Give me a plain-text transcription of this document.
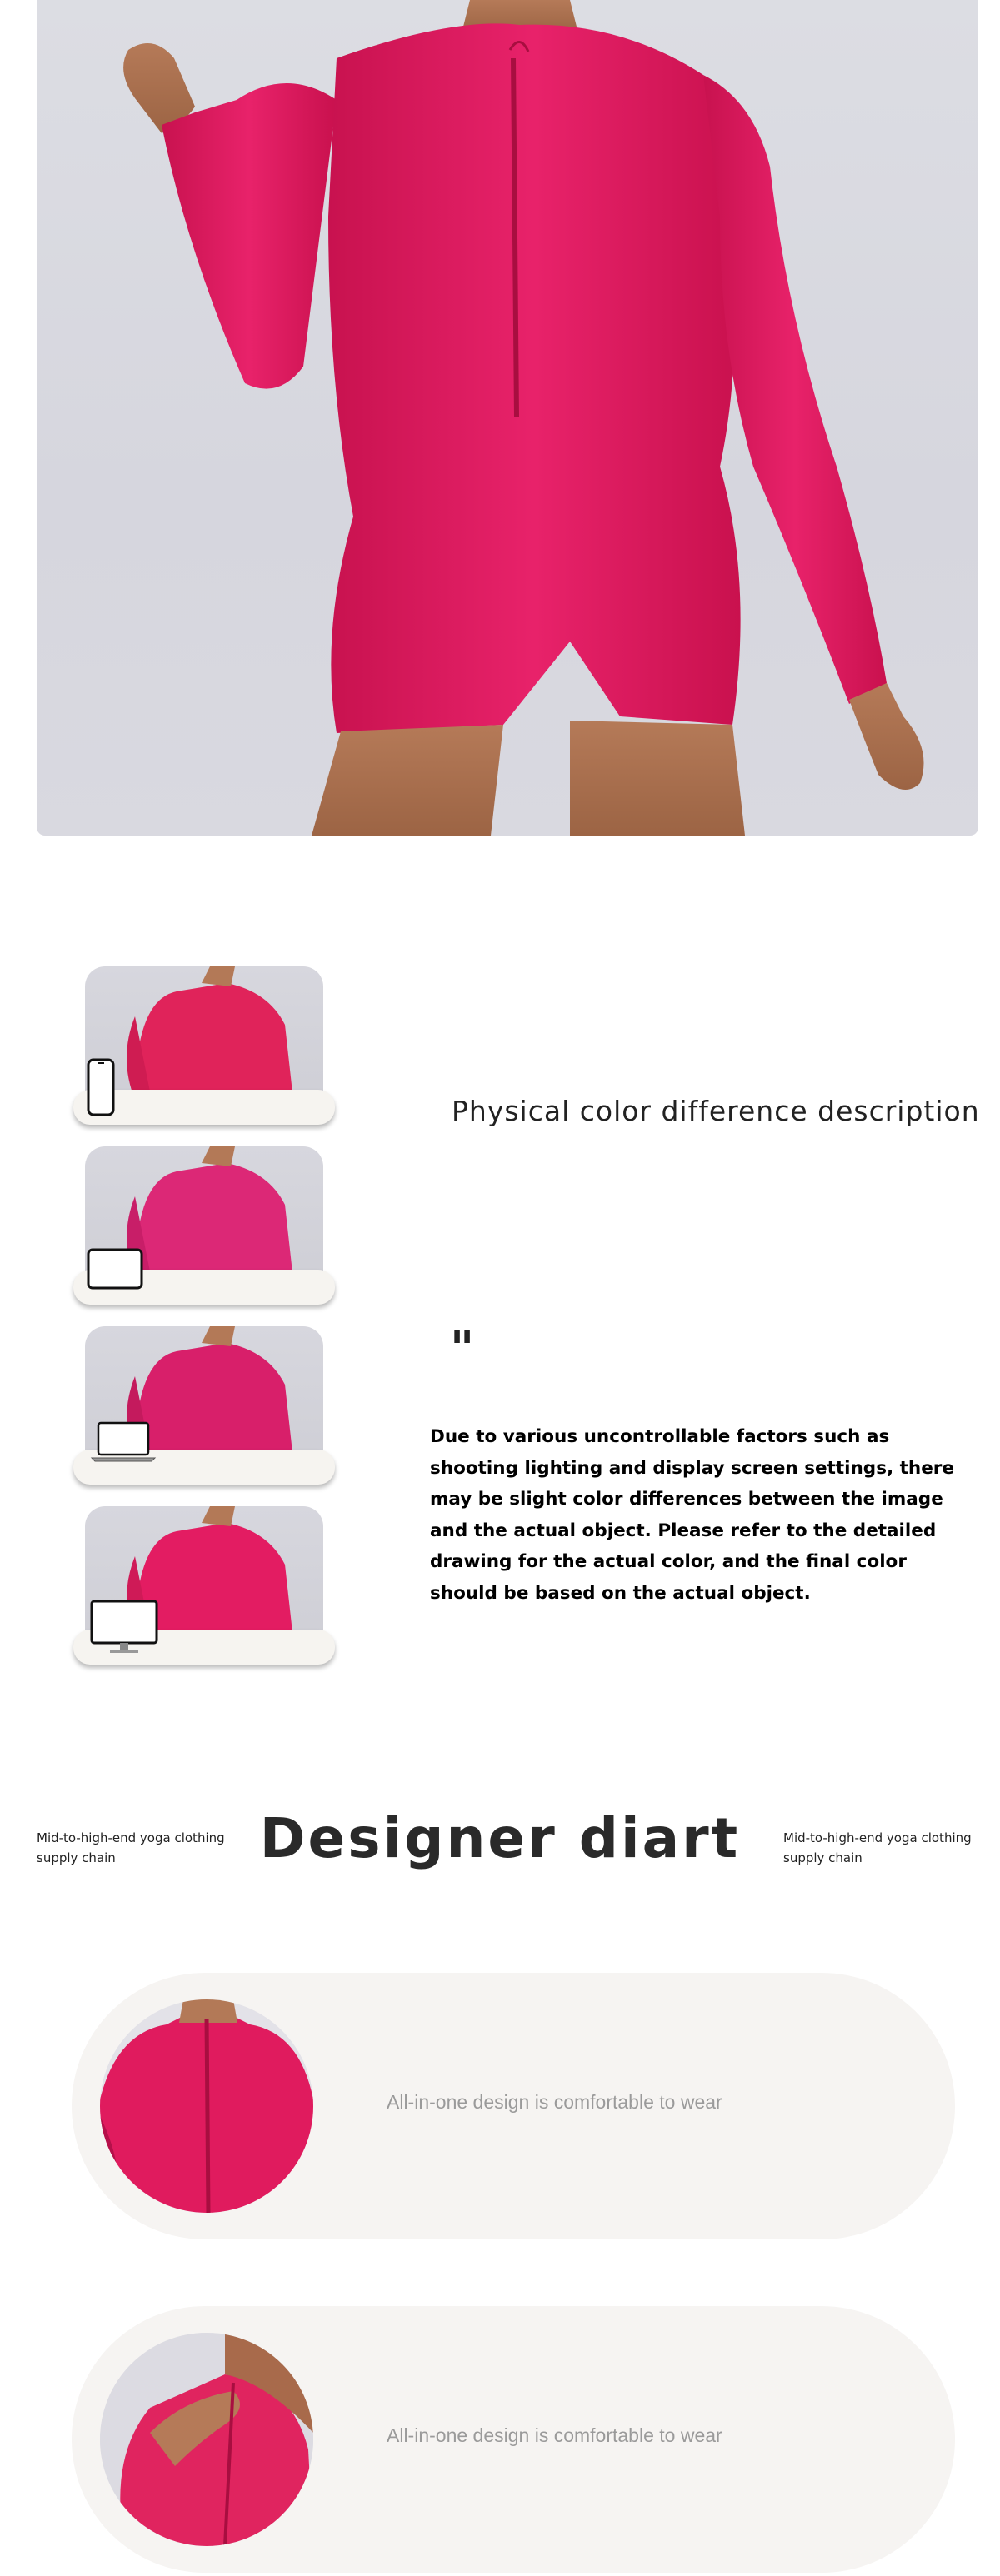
Physical color difference description
"

Due to various uncontrollable factors such as shooting lighting and display screen settings, there may be slight color differences between the image and the actual object. Please refer to the detailed drawing for the actual color, and the final color should be based on the actual object.

Mid-to-high-end yoga clothing supply chain	Designer diart	Mid-to-high-end yoga clothing supply chain
All-in-one design is comfortable to wear
All-in-one design is comfortable to wear
